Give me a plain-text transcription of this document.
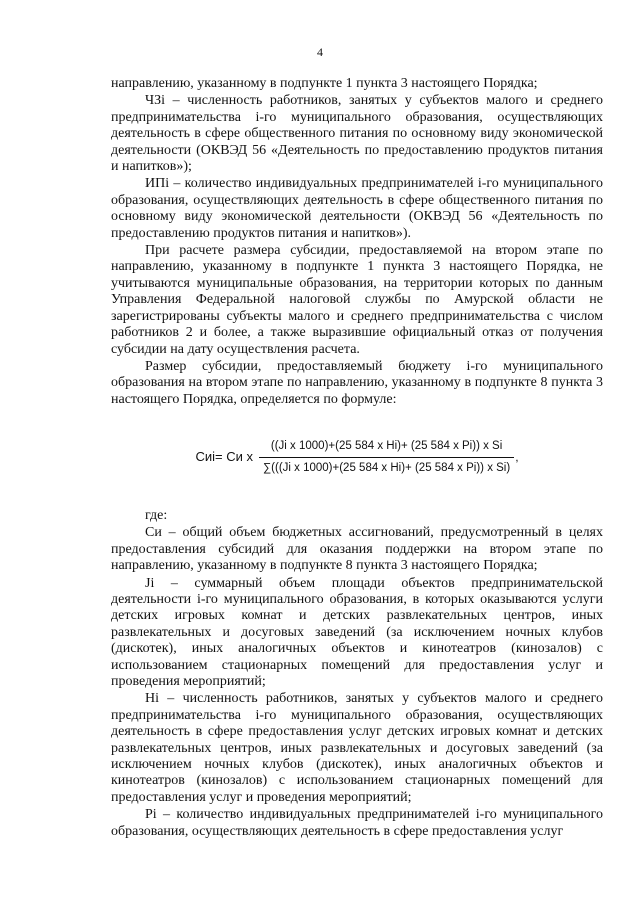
4

направлению, указанному в подпункте 1 пункта 3 настоящего Порядка;

ЧЗi – численность работников, занятых у субъектов малого и среднего предпринимательства i-го муниципального образования, осуществляющих деятельность в сфере общественного питания по основному виду экономической деятельности (ОКВЭД 56 «Деятельность по предоставлению продуктов питания и напитков»);

ИПi – количество индивидуальных предпринимателей i-го муниципального образования, осуществляющих деятельность в сфере общественного питания по основному виду экономической деятельности (ОКВЭД 56 «Деятельность по предоставлению продуктов питания и напитков»).

При расчете размера субсидии, предоставляемой на втором этапе по направлению, указанному в подпункте 1 пункта 3 настоящего Порядка, не учитываются муниципальные образования, на территории которых по данным Управления Федеральной налоговой службы по Амурской области не зарегистрированы субъекты малого и среднего предпринимательства с числом работников 2 и более, а также выразившие официальный отказ от получения субсидии на дату осуществления расчета.

Размер субсидии, предоставляемый бюджету i-го муниципального образования на втором этапе по направлению, указанному в подпункте 8 пункта 3 настоящего Порядка, определяется по формуле:

Cиi= Cи x $\frac{\text{((Ji x 1000)+(25 584 x Hi)+ (25 584 x Pi)) x Si}}{\text{∑(((Ji x 1000)+(25 584 x Hi)+ (25 584 x Pi)) x Si)}}$ ,

где:

Си – общий объем бюджетных ассигнований, предусмотренный в целях предоставления субсидий для оказания поддержки на втором этапе по направлению, указанному в подпункте 8 пункта 3 настоящего Порядка;

Ji – суммарный объем площади объектов предпринимательской деятельности i-го муниципального образования, в которых оказываются услуги детских игровых комнат и детских развлекательных центров, иных развлекательных и досуговых заведений (за исключением ночных клубов (дискотек), иных аналогичных объектов и кинотеатров (кинозалов) с использованием стационарных помещений для предоставления услуг и проведения мероприятий;

Hi – численность работников, занятых у субъектов малого и среднего предпринимательства i-го муниципального образования, осуществляющих деятельность в сфере предоставления услуг детских игровых комнат и детских развлекательных центров, иных развлекательных и досуговых заведений (за исключением ночных клубов (дискотек), иных аналогичных объектов и кинотеатров (кинозалов) с использованием стационарных помещений для предоставления услуг и проведения мероприятий;

Pi – количество индивидуальных предпринимателей i-го муниципального образования, осуществляющих деятельность в сфере предоставления услуг
